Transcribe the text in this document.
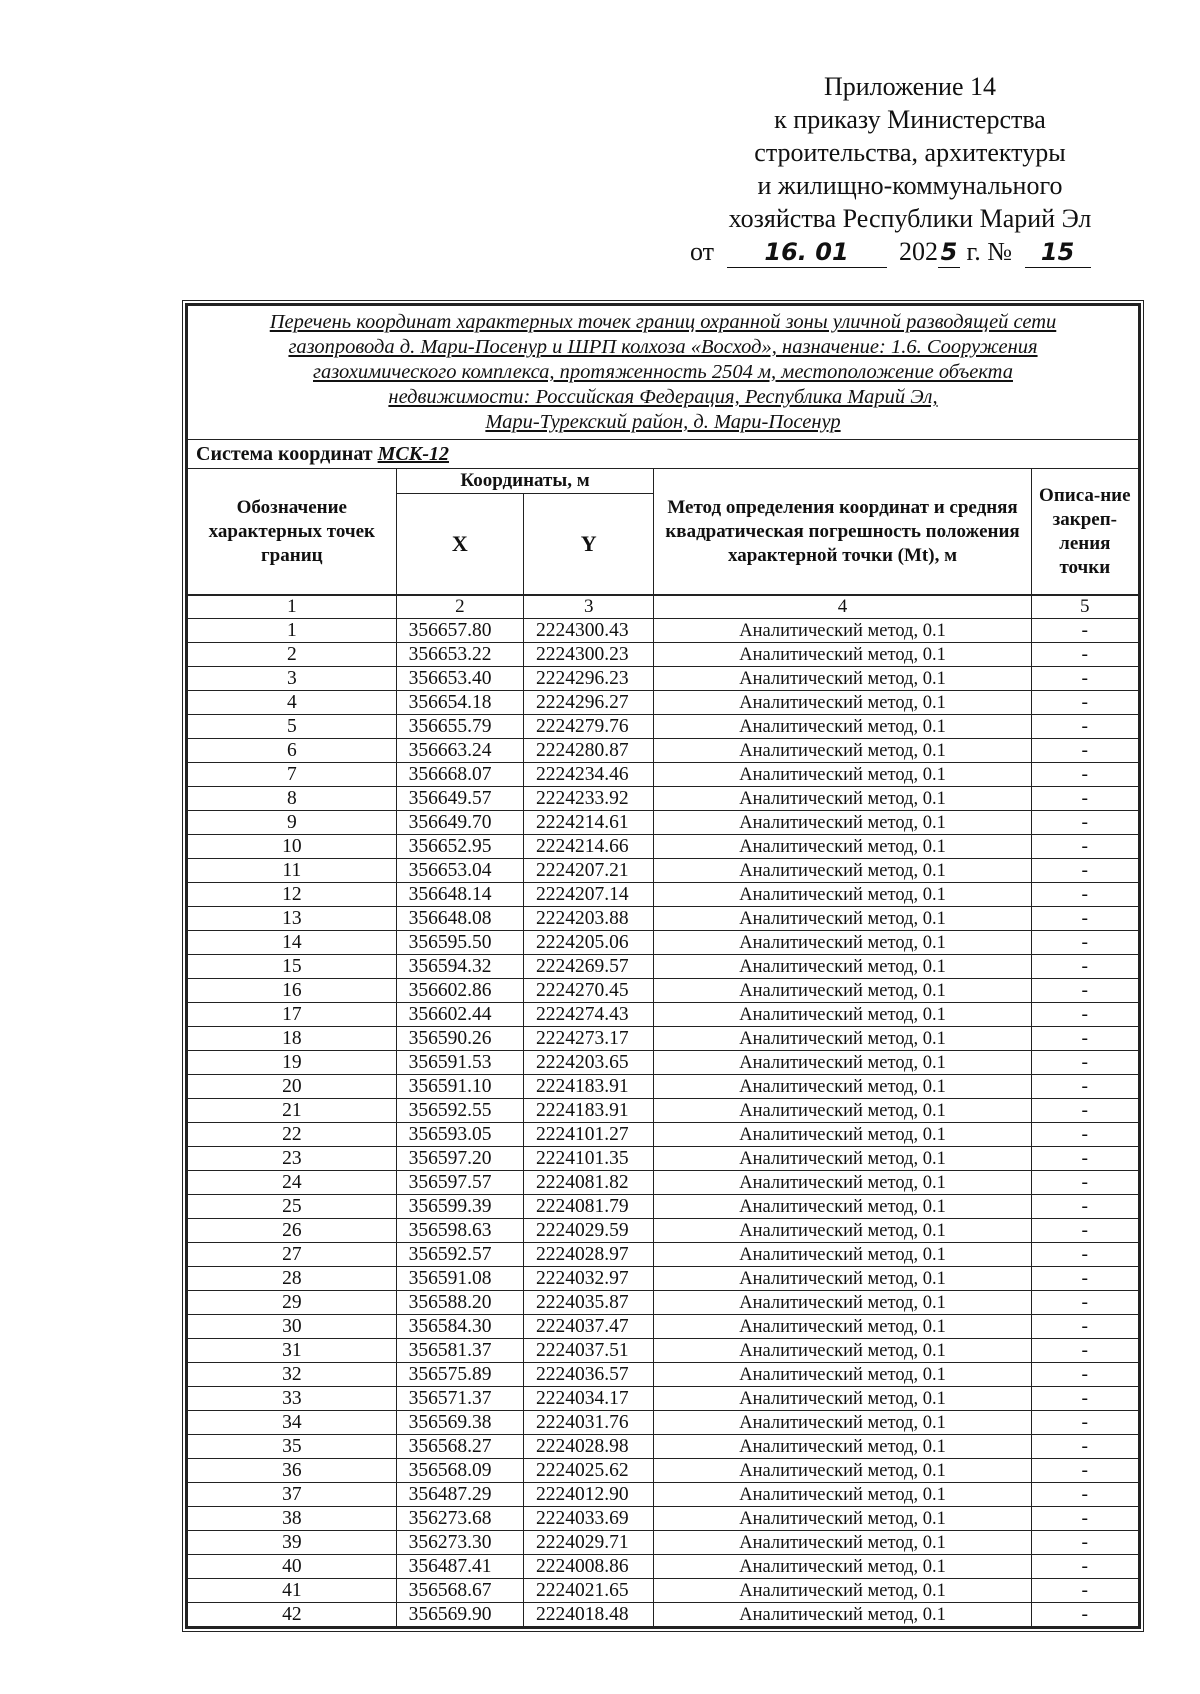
Приложение 14
к приказу Министерства
строительства, архитектуры
и жилищно-коммунального
хозяйства Республики Марий Эл
от 16. 01 202 5 г. № 15
Перечень координат характерных точек границ охранной зоны уличной разводящей сети
газопровода д. Мари-Посенур и ШРП колхоза «Восход», назначение: 1.6. Сооружения
газохимического комплекса, протяженность 2504 м, местоположение объекта
недвижимости: Российская Федерация, Республика Марий Эл,
Мари-Турекский район, д. Мари-Посенур				

Система координат МСК-12				
Обозначение характерных точек границ	Координаты, м		Метод определения координат и средняя квадратическая погрешность положения характерной точки (Mt), м	Описа-ние закреп-ления точки
	X	Y		
1	2	3	4	5
1	356657.80	2224300.43	Аналитический метод, 0.1	-
2	356653.22	2224300.23	Аналитический метод, 0.1	-
3	356653.40	2224296.23	Аналитический метод, 0.1	-
4	356654.18	2224296.27	Аналитический метод, 0.1	-
5	356655.79	2224279.76	Аналитический метод, 0.1	-
6	356663.24	2224280.87	Аналитический метод, 0.1	-
7	356668.07	2224234.46	Аналитический метод, 0.1	-
8	356649.57	2224233.92	Аналитический метод, 0.1	-
9	356649.70	2224214.61	Аналитический метод, 0.1	-
10	356652.95	2224214.66	Аналитический метод, 0.1	-
11	356653.04	2224207.21	Аналитический метод, 0.1	-
12	356648.14	2224207.14	Аналитический метод, 0.1	-
13	356648.08	2224203.88	Аналитический метод, 0.1	-
14	356595.50	2224205.06	Аналитический метод, 0.1	-
15	356594.32	2224269.57	Аналитический метод, 0.1	-
16	356602.86	2224270.45	Аналитический метод, 0.1	-
17	356602.44	2224274.43	Аналитический метод, 0.1	-
18	356590.26	2224273.17	Аналитический метод, 0.1	-
19	356591.53	2224203.65	Аналитический метод, 0.1	-
20	356591.10	2224183.91	Аналитический метод, 0.1	-
21	356592.55	2224183.91	Аналитический метод, 0.1	-
22	356593.05	2224101.27	Аналитический метод, 0.1	-
23	356597.20	2224101.35	Аналитический метод, 0.1	-
24	356597.57	2224081.82	Аналитический метод, 0.1	-
25	356599.39	2224081.79	Аналитический метод, 0.1	-
26	356598.63	2224029.59	Аналитический метод, 0.1	-
27	356592.57	2224028.97	Аналитический метод, 0.1	-
28	356591.08	2224032.97	Аналитический метод, 0.1	-
29	356588.20	2224035.87	Аналитический метод, 0.1	-
30	356584.30	2224037.47	Аналитический метод, 0.1	-
31	356581.37	2224037.51	Аналитический метод, 0.1	-
32	356575.89	2224036.57	Аналитический метод, 0.1	-
33	356571.37	2224034.17	Аналитический метод, 0.1	-
34	356569.38	2224031.76	Аналитический метод, 0.1	-
35	356568.27	2224028.98	Аналитический метод, 0.1	-
36	356568.09	2224025.62	Аналитический метод, 0.1	-
37	356487.29	2224012.90	Аналитический метод, 0.1	-
38	356273.68	2224033.69	Аналитический метод, 0.1	-
39	356273.30	2224029.71	Аналитический метод, 0.1	-
40	356487.41	2224008.86	Аналитический метод, 0.1	-
41	356568.67	2224021.65	Аналитический метод, 0.1	-
42	356569.90	2224018.48	Аналитический метод, 0.1	-
